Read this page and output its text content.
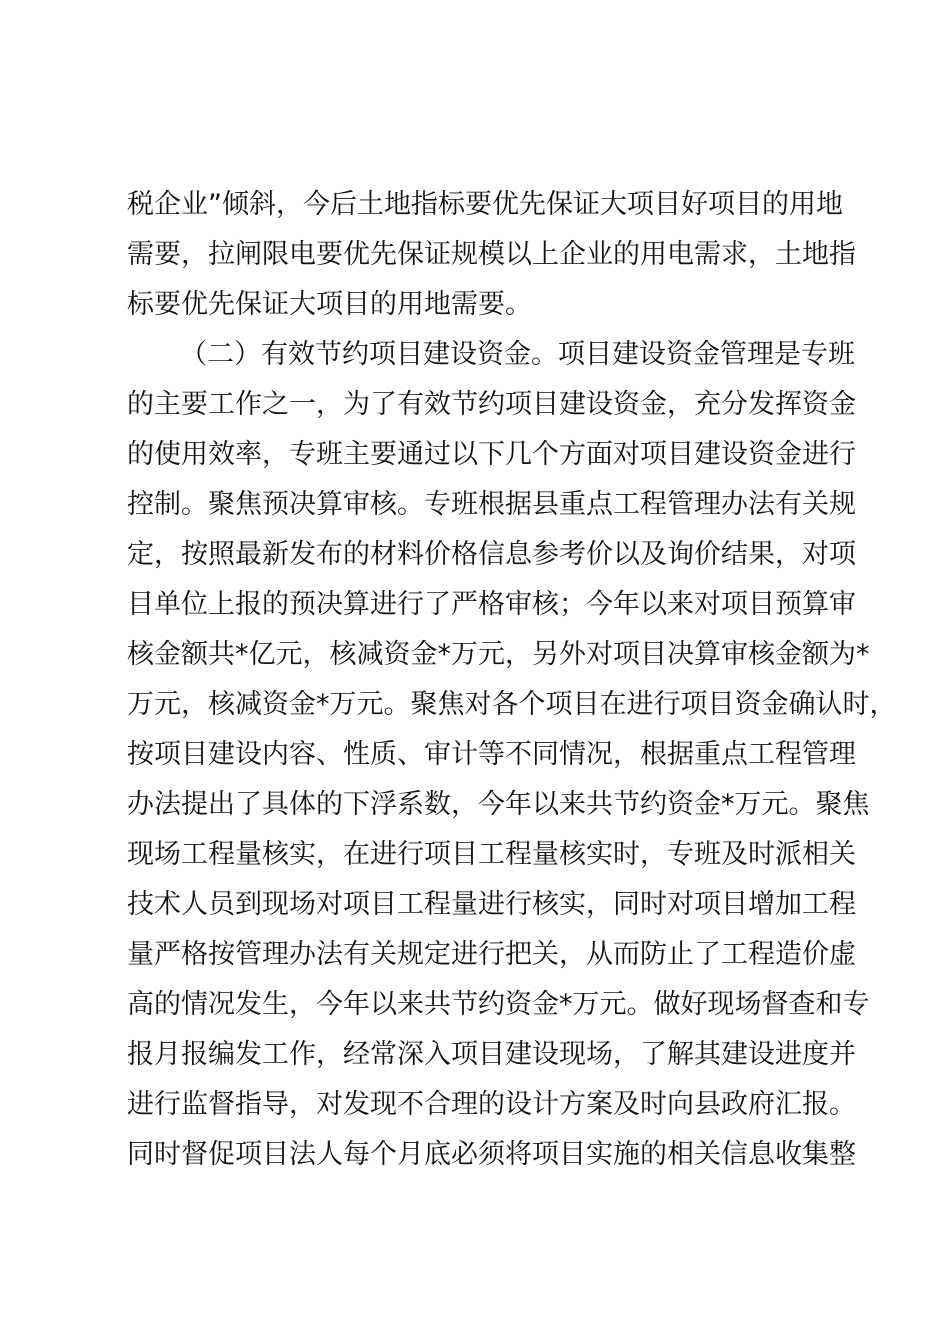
税企业”倾斜，今后土地指标要优先保证大项目好项目的用地
需要，拉闸限电要优先保证规模以上企业的用电需求，土地指
标要优先保证大项目的用地需要。
（二）有效节约项目建设资金。项目建设资金管理是专班
的主要工作之一，为了有效节约项目建设资金，充分发挥资金
的使用效率，专班主要通过以下几个方面对项目建设资金进行
控制。聚焦预决算审核。专班根据县重点工程管理办法有关规
定，按照最新发布的材料价格信息参考价以及询价结果，对项
目单位上报的预决算进行了严格审核；今年以来对项目预算审
核金额共*亿元，核减资金*万元，另外对项目决算审核金额为*
万元，核减资金*万元。聚焦对各个项目在进行项目资金确认时，
按项目建设内容、性质、审计等不同情况，根据重点工程管理
办法提出了具体的下浮系数，今年以来共节约资金*万元。聚焦
现场工程量核实，在进行项目工程量核实时，专班及时派相关
技术人员到现场对项目工程量进行核实，同时对项目增加工程
量严格按管理办法有关规定进行把关，从而防止了工程造价虚
高的情况发生，今年以来共节约资金*万元。做好现场督查和专
报月报编发工作，经常深入项目建设现场，了解其建设进度并
进行监督指导，对发现不合理的设计方案及时向县政府汇报。
同时督促项目法人每个月底必须将项目实施的相关信息收集整
